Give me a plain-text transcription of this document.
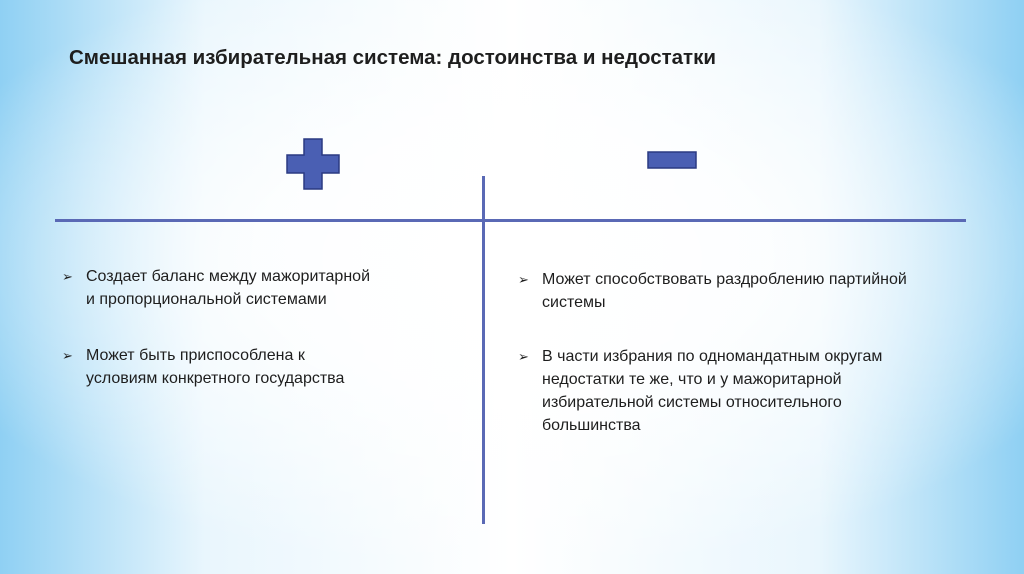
Смешанная избирательная система: достоинства и недостатки
➢ Создает баланс между мажоритарной
и пропорциональной системами
➢ Может быть приспособлена к
условиям конкретного государства
➢ Может способствовать раздроблению партийной
системы
➢ В части избрания по одномандатным округам
недостатки те же, что и у мажоритарной
избирательной системы относительного
большинства
